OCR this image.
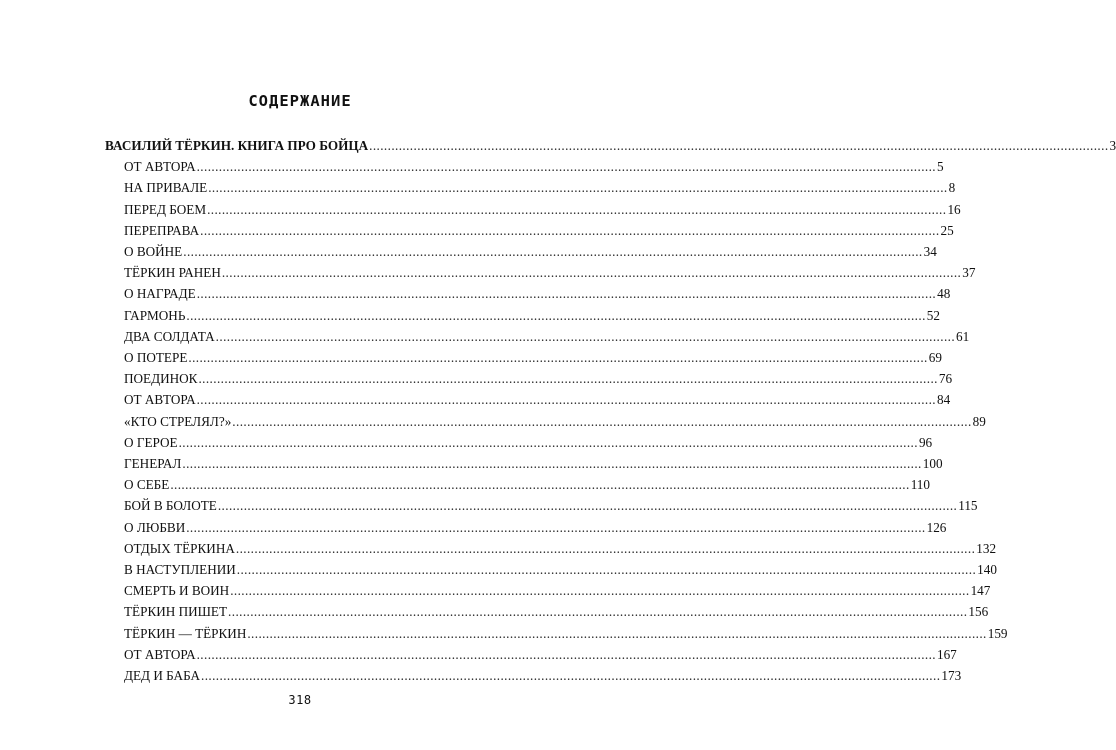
СОДЕРЖАНИЕ
ВАСИЛИЙ ТЁРКИН. КНИГА ПРО БОЙЦА ........................................................................................................................................................................................................ 3
ОТ АВТОРА ........................................................................................................................................................................................................ 5
НА ПРИВАЛЕ ........................................................................................................................................................................................................ 8
ПЕРЕД БОЕМ ........................................................................................................................................................................................................ 16
ПЕРЕПРАВА ........................................................................................................................................................................................................ 25
О ВОЙНЕ ........................................................................................................................................................................................................ 34
ТЁРКИН РАНЕН ........................................................................................................................................................................................................ 37
О НАГРАДЕ ........................................................................................................................................................................................................ 48
ГАРМОНЬ ........................................................................................................................................................................................................ 52
ДВА СОЛДАТА ........................................................................................................................................................................................................ 61
О ПОТЕРЕ ........................................................................................................................................................................................................ 69
ПОЕДИНОК ........................................................................................................................................................................................................ 76
ОТ АВТОРА ........................................................................................................................................................................................................ 84
«КТО СТРЕЛЯЛ?» ........................................................................................................................................................................................................ 89
О ГЕРОЕ ........................................................................................................................................................................................................ 96
ГЕНЕРАЛ ........................................................................................................................................................................................................ 100
О СЕБЕ ........................................................................................................................................................................................................ 110
БОЙ В БОЛОТЕ ........................................................................................................................................................................................................ 115
О ЛЮБВИ ........................................................................................................................................................................................................ 126
ОТДЫХ ТЁРКИНА ........................................................................................................................................................................................................ 132
В НАСТУПЛЕНИИ ........................................................................................................................................................................................................ 140
СМЕРТЬ И ВОИН ........................................................................................................................................................................................................ 147
ТЁРКИН ПИШЕТ ........................................................................................................................................................................................................ 156
ТЁРКИН — ТЁРКИН ........................................................................................................................................................................................................ 159
ОТ АВТОРА ........................................................................................................................................................................................................ 167
ДЕД И БАБА ........................................................................................................................................................................................................ 173
318
